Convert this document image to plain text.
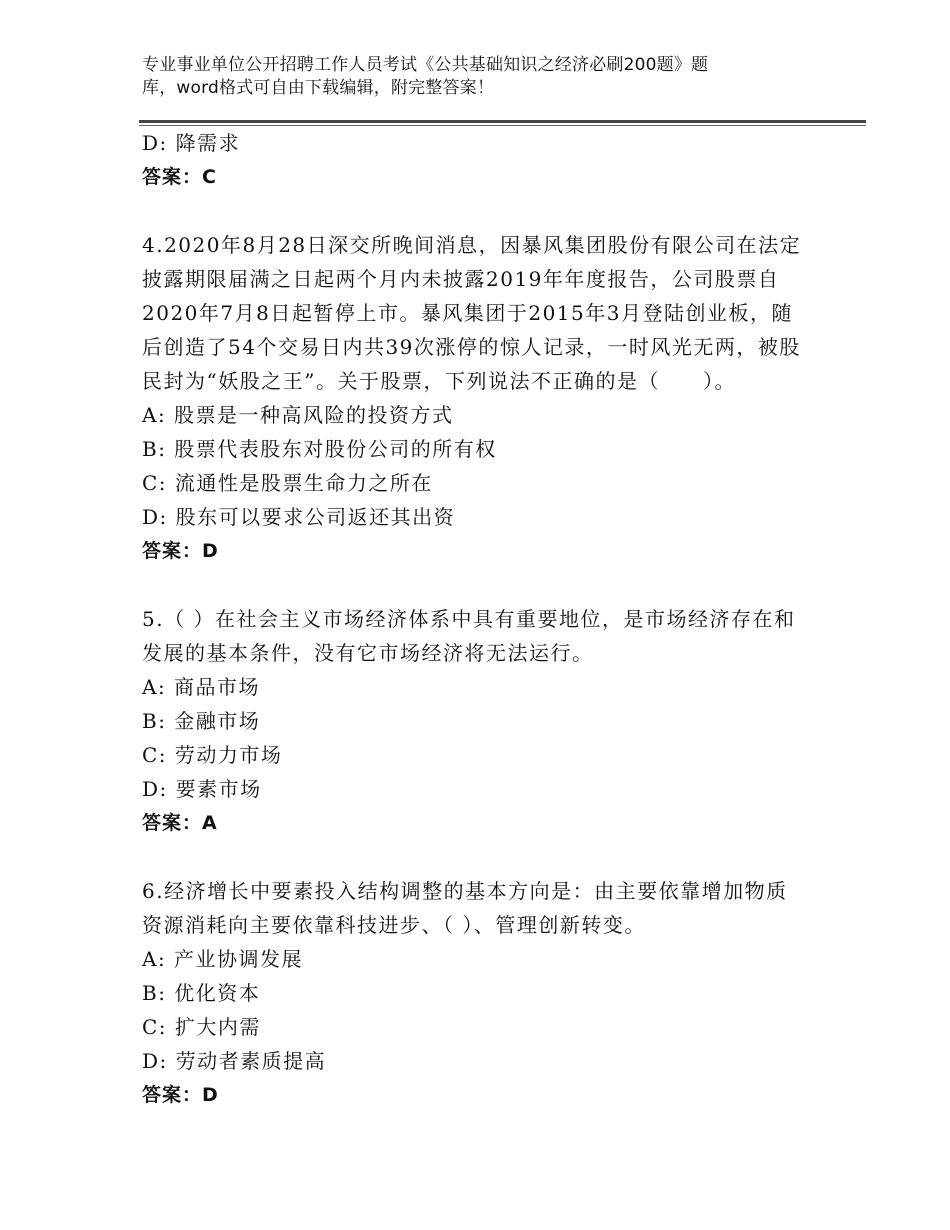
专业事业单位公开招聘工作人员考试《公共基础知识之经济必刷200题》题
库，word格式可自由下载编辑，附完整答案！
D: 降需求
答案：C
4.2020年8月28日深交所晚间消息，因暴风集团股份有限公司在法定
披露期限届满之日起两个月内未披露2019年年度报告，公司股票自
2020年7月8日起暂停上市。暴风集团于2015年3月登陆创业板，随
后创造了54个交易日内共39次涨停的惊人记录，一时风光无两，被股
民封为“妖股之王”。关于股票，下列说法不正确的是（　　）。
A: 股票是一种高风险的投资方式
B: 股票代表股东对股份公司的所有权
C: 流通性是股票生命力之所在
D: 股东可以要求公司返还其出资
答案：D
5.（ ）在社会主义市场经济体系中具有重要地位，是市场经济存在和
发展的基本条件，没有它市场经济将无法运行。
A: 商品市场
B: 金融市场
C: 劳动力市场
D: 要素市场
答案：A
6.经济增长中要素投入结构调整的基本方向是：由主要依靠增加物质
资源消耗向主要依靠科技进步、（ ）、管理创新转变。
A: 产业协调发展
B: 优化资本
C: 扩大内需
D: 劳动者素质提高
答案：D
